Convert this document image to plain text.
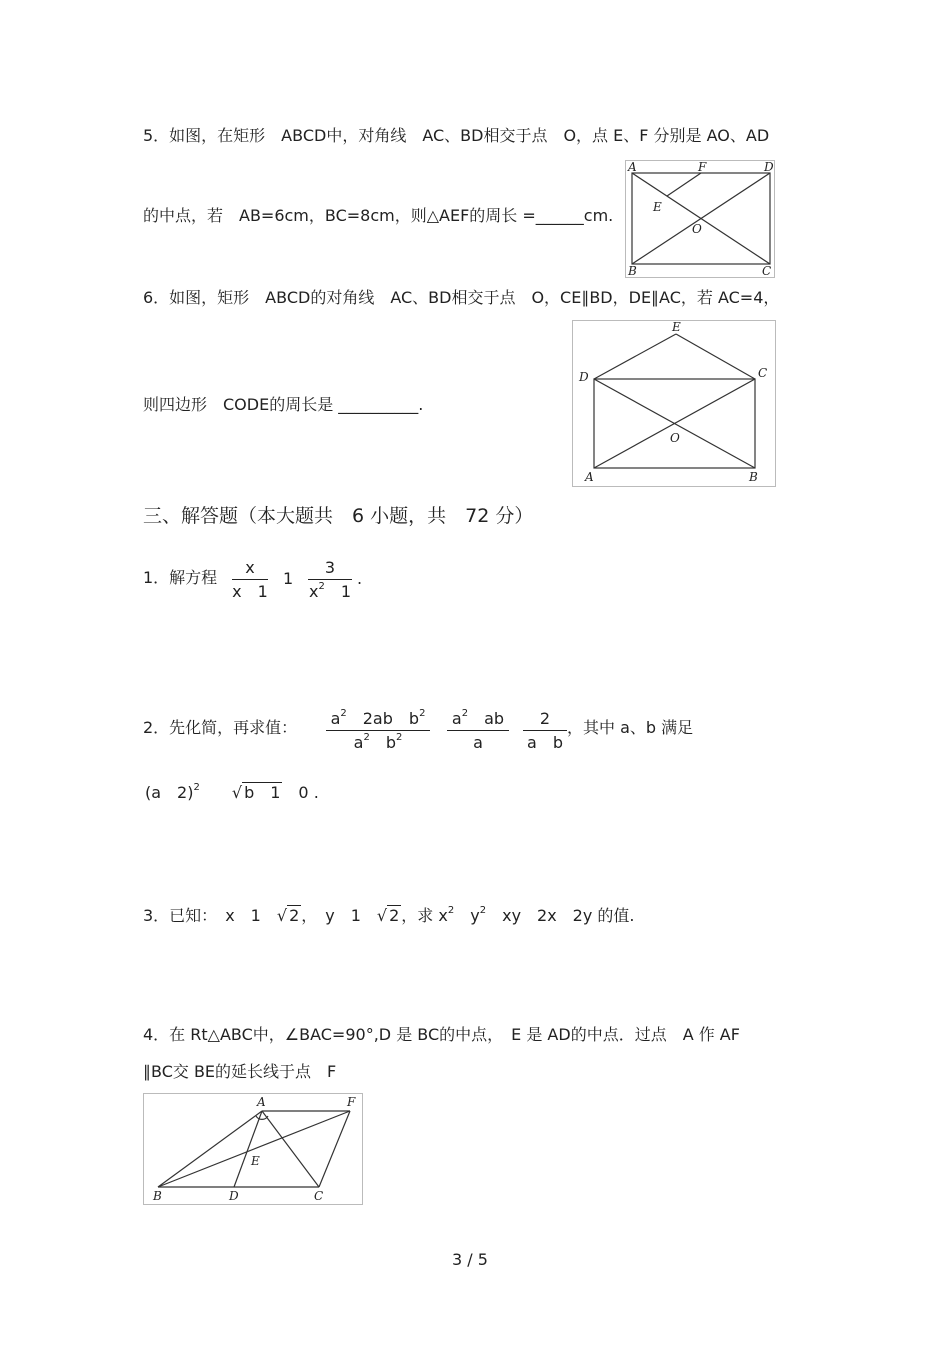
5．如图，在矩形　ABCD中，对角线　AC、BD相交于点　O，点 E、F 分别是 AO、AD
的中点，若　AB=6cm，BC=8cm，则△AEF的周长 =______cm.
A	F	D
E
O
B	C
6．如图，矩形　ABCD的对角线　AC、BD相交于点　O，CE∥BD，DE∥AC，若 AC=4，
则四边形　CODE的周长是 __________.
E
D	C
O
A	B
三、解答题（本大题共　6 小题，共　72 分）
1．解方程 $\frac{x}{x 1} 1 \frac{3}{x^2 1}$ .
2．先化简，再求值： $\frac{a^2 2ab b^2}{a^2 b^2} \frac{a^2 ab}{a} \frac{2}{\text{a　b}}$ ，其中 a、b 满足
(a　2)$^2$　　√ b　1　 0 .
3．已知：　 x　1　√ 2 ，　y　1　√ 2 ，求 $x^2$　$y^2$　xy　2x　2y 的值.
4．在 Rt△ABC中，∠BAC=90°,D 是 BC的中点，　E 是 AD的中点．过点　A 作 AF
∥BC交 BE的延长线于点　F
A	F
E
B	D	C
3 / 5
